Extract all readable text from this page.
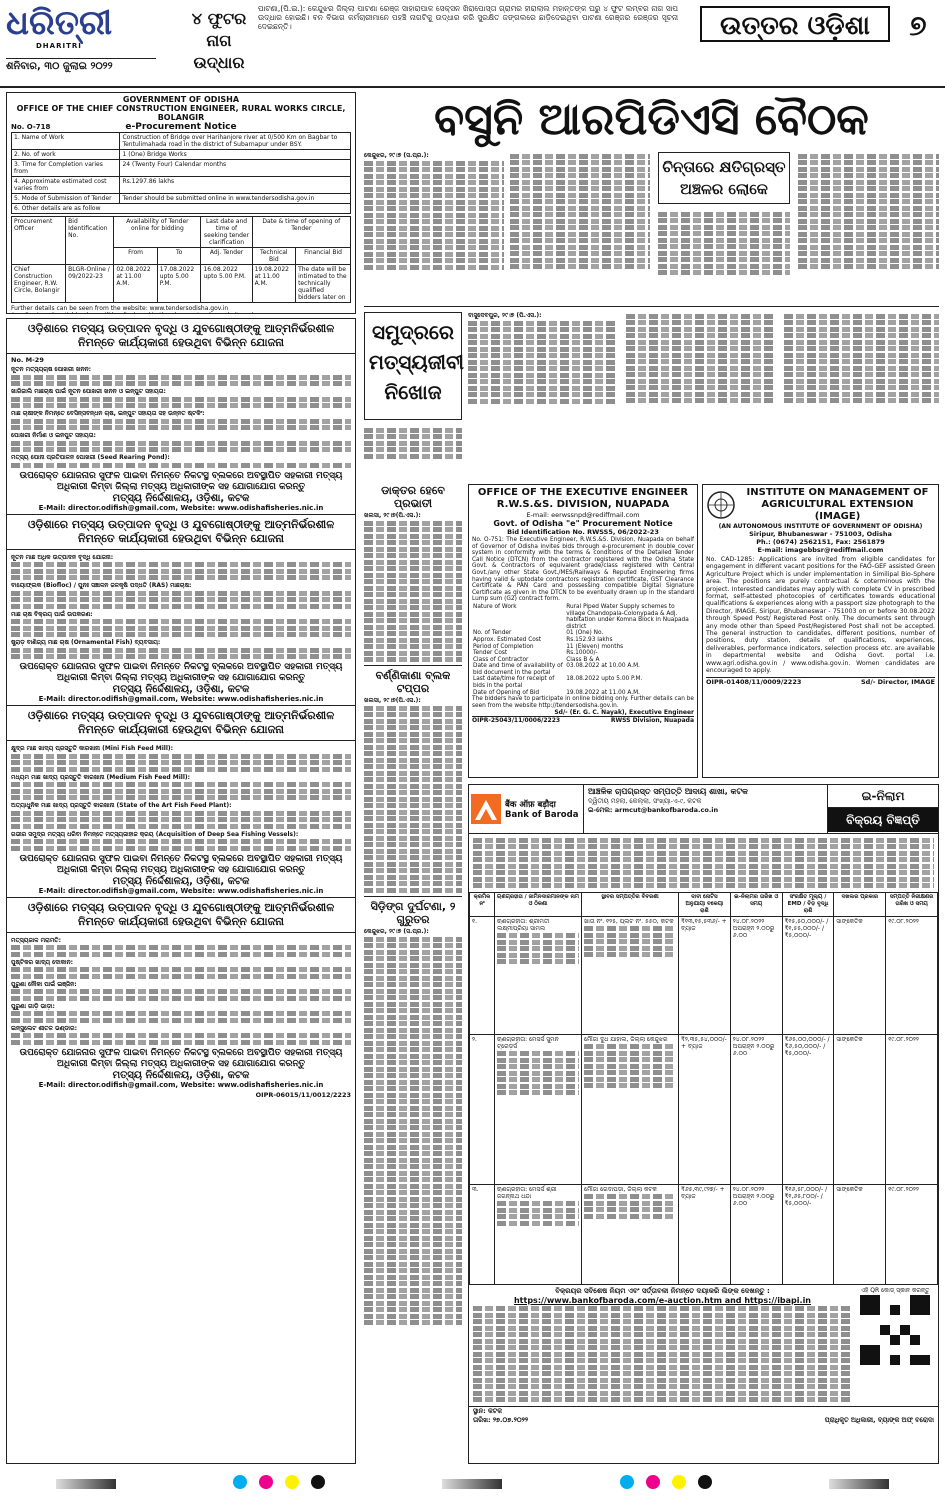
ଧରିତ୍ରୀ
DHARITRI
ଶନିବାର, ୩୦ ଜୁଲାଇ ୨୦୨୨
୪ ଫୁଟର ନାଗ ଉଦ୍ଧାର
ପାଟଣା,(ପି.ଇ.): କେନ୍ଦୁଝର ଜିଲ୍ଲା ପାଟଣା ରେଞ୍ଜ ସାହାରାପାଳ ସେକ୍ସନ ଖିରାପୋସ୍ତା ଗ୍ରାମର ହୀରାଲାଲ ମହାନ୍ତଙ୍କ ଘରୁ ୪ ଫୁଟ ଲମ୍ବର ନାଗ ସାପ ଉଦ୍ଧାର ହୋଇଛି। ବନ ବିଭାଗ କର୍ମଚାରୀମାନେ ପହଞ୍ଚି ନାଗଟିକୁ ଉଦ୍ଧାର କରି ସୁରକ୍ଷିତ ଜଙ୍ଗଲରେ ଛାଡ଼ିଦେଇଥିବା ପାଟଣା ରେଞ୍ଜର ରେଞ୍ଜର ସୂଚନା ଦେଇଛନ୍ତି।	ଉତ୍ତର ଓଡ଼ିଶା	୭
GOVERNMENT OF ODISHA
OFFICE OF THE CHIEF CONSTRUCTION ENGINEER, RURAL WORKS CIRCLE, BOLANGIR
No. O-718	e-Procurement Notice
1. Name of Work	Construction of Bridge over Harihanjore river at 0/500 Km on Bagbar to Tentulimahada road in the district of Subarnapur under BSY.
2. No. of work	1 (One) Bridge Works
3. Time for Completion varies from	24 (Twenty Four) Calendar months
4. Approximate estimated cost varies from	Rs.1297.86 lakhs
5. Mode of Submission of Tender	Tender should be submitted online in www.tendersodisha.gov.in
6. Other details are as follow	
Procurement Officer	Bid Identification No.	Availability of Tender online for bidding		Last date and time of seeking tender clarification	Date & time of opening of Tender	
		From	To	Adj. Tender	Technical Bid	Financial Bid
Chief Construction Engineer, R.W. Circle, Bolangir	BLGR-Online / 09/2022-23	02.08.2022 at 11.00 A.M.	17.08.2022 upto 5.00 P.M.	16.08.2022 upto 5.00 P.M.	19.08.2022 at 11.00 A.M.	The date will be intimated to the technically qualified bidders later on
Further details can be seen from the website: www.tendersodisha.gov.in
ବସୁନି ଆରପିଡିଏସି ବୈଠକ
କେନ୍ଦୁଝର, ୨୯।୭ (ସ.ପ୍ର.):
ଚିନ୍ତାରେ କ୍ଷତିଗ୍ରସ୍ତ ଅଞ୍ଚଳର ଲୋକେ
ସମୁଦ୍ରରେ ମତ୍ସ୍ୟଜୀବୀ ନିଖୋଜ
ବାସୁଦେବପୁର, ୨୯।୭ (ପି.ଏସ.):
ଓଡ଼ିଶାରେ ମତ୍ସ୍ୟ ଉତ୍ପାଦନ ବୃଦ୍ଧି ଓ ଯୁବଗୋଷ୍ଠୀଙ୍କୁ ଆତ୍ମନିର୍ଭରଶୀଳ ନିମନ୍ତେ କାର୍ଯ୍ୟକାରୀ ହେଉଥିବା ବିଭିନ୍ନ ଯୋଜନା
No. M-29
ନୂତନ ମତ୍ସ୍ୟଚାଷ ପୋଖରୀ ଖନନ:
ଖାରିଜାଲି ମାଛଚାଷ ପାଇଁ ନୂତନ ପୋଖରୀ ଖନନ ଓ ଇନ୍‌ପୁଟ ସହାୟତା:
ମାଛ ଚାଷୀଙ୍କ ନିମନ୍ତେ ବେସିନ୍ସବନ୍ଧନ ଚାଷ, ଇନ୍‌ପୁଟ ସହାୟତା ସହ ଉନ୍ନତ ଷ୍ଟକିଂ:
ପୋଖରୀ ନିର୍ମାଣ ଓ ଇନପୁଟ ସହାୟତା:
ମତ୍ସ୍ୟ ପୋନା ପ୍ରତିପାଳନ ପୋଖରୀ (Seed Rearing Pond):
ଉପରୋକ୍ତ ଯୋଜନାର ସୁଫଳ ପାଇବା ନିମନ୍ତେ ନିକଟସ୍ଥ ବ୍ଲକରେ ଅବସ୍ଥାପିତ ସହକାରୀ ମତ୍ସ୍ୟ ଅଧିକାରୀ କିମ୍ବା ଜିଲ୍ଲା ମତ୍ସ୍ୟ ଅଧିକାରୀଙ୍କ ସହ ଯୋଗାଯୋଗ କରନ୍ତୁ
ମତ୍ସ୍ୟ ନିର୍ଦ୍ଦେଶାଳୟ, ଓଡ଼ିଶା, କଟକ
E-Mail: director.odifish@gmail.com, Website: www.odishafisheries.nic.in
ଓଡ଼ିଶାରେ ମତ୍ସ୍ୟ ଉତ୍ପାଦନ ବୃଦ୍ଧି ଓ ଯୁବଗୋଷ୍ଠୀଙ୍କୁ ଆତ୍ମନିର୍ଭରଶୀଳ ନିମନ୍ତେ କାର୍ଯ୍ୟକାରୀ ହେଉଥିବା ବିଭିନ୍ନ ଯୋଜନା
ନୂତନ ମାଛ ଅଧିକ ଉତ୍ପାଦନ ବୃଦ୍ଧି ଯୋଜନା:
ବାୟୋଫ୍ଲକ (Biofloc) / ପୁନଃ ସଞ୍ଚାଳନ ଜଳକୃଷି ପଦ୍ଧତି (RAS) ମାଛଚାଷ:
ମାଛ ଚାଷ ବିକ୍ରୟ ପାଇଁ ଉପକରଣ:
ଷ୍ଟ୍ରାଡ଼ ବାଣିଜ୍ୟ ମାଛ ଚାଷ (Ornamental Fish) ବ୍ୟବସାୟ:
ଉପରୋକ୍ତ ଯୋଜନାର ସୁଫଳ ପାଇବା ନିମନ୍ତେ ନିକଟସ୍ଥ ବ୍ଲକରେ ଅବସ୍ଥାପିତ ସହକାରୀ ମତ୍ସ୍ୟ ଅଧିକାରୀ କିମ୍ବା ଜିଲ୍ଲା ମତ୍ସ୍ୟ ଅଧିକାରୀଙ୍କ ସହ ଯୋଗାଯୋଗ କରନ୍ତୁ
ମତ୍ସ୍ୟ ନିର୍ଦ୍ଦେଶାଳୟ, ଓଡ଼ିଶା, କଟକ
E-Mail: director.odifish@gmail.com, Website: www.odishafisheries.nic.in
ଓଡ଼ିଶାରେ ମତ୍ସ୍ୟ ଉତ୍ପାଦନ ବୃଦ୍ଧି ଓ ଯୁବଗୋଷ୍ଠୀଙ୍କୁ ଆତ୍ମନିର୍ଭରଶୀଳ ନିମନ୍ତେ କାର୍ଯ୍ୟକାରୀ ହେଉଥିବା ବିଭିନ୍ନ ଯୋଜନା
କ୍ଷୁଦ୍ର ମାଛ ଖାଦ୍ୟ ପ୍ରସ୍ତୁତି କାରଖାନା (Mini Fish Feed Mill):
ମଧ୍ୟମ ମାଛ ଖାଦ୍ୟ ପ୍ରସ୍ତୁତି କାରଖାନା (Medium Fish Feed Mill):
ଅତ୍ୟାଧୁନିକ ମାଛ ଖାଦ୍ୟ ପ୍ରସ୍ତୁତି କାରଖାନା (State of the Art Fish Feed Plant):
ଗଭୀର ସମୁଦ୍ର ମତ୍ସ୍ୟ ଧରିବା ନିମନ୍ତେ ମତ୍ସ୍ୟଜାହାଜ କ୍ରୟ (Acquisition of Deep Sea Fishing Vessels):
ଉପରୋକ୍ତ ଯୋଜନାର ସୁଫଳ ପାଇବା ନିମନ୍ତେ ନିକଟସ୍ଥ ବ୍ଲକରେ ଅବସ୍ଥାପିତ ସହକାରୀ ମତ୍ସ୍ୟ ଅଧିକାରୀ କିମ୍ବା ଜିଲ୍ଲା ମତ୍ସ୍ୟ ଅଧିକାରୀଙ୍କ ସହ ଯୋଗାଯୋଗ କରନ୍ତୁ
ମତ୍ସ୍ୟ ନିର୍ଦ୍ଦେଶାଳୟ, ଓଡ଼ିଶା, କଟକ
E-Mail: director.odifish@gmail.com, Website: www.odishafisheries.nic.in
ଓଡ଼ିଶାରେ ମତ୍ସ୍ୟ ଉତ୍ପାଦନ ବୃଦ୍ଧି ଓ ଯୁବଗୋଷ୍ଠୀଙ୍କୁ ଆତ୍ମନିର୍ଭରଶୀଳ ନିମନ୍ତେ କାର୍ଯ୍ୟକାରୀ ହେଉଥିବା ବିଭିନ୍ନ ଯୋଜନା
ମତ୍ସ୍ୟଜାଳ ମରାମତି:
ପୁଷ୍ଟିକର ଖାଦ୍ୟ ଦୋକାନ:
ପୁରୁଣା ନୌକା ପାଇଁ ଇଞ୍ଜିନ:
ପୁରୁଣା ଗାଡ଼ି ଭାଡ଼ା:
ଇନ୍ସୁଲେଟ ଶୀତଳ ଭଣ୍ଡାର:
ଉପରୋକ୍ତ ଯୋଜନାର ସୁଫଳ ପାଇବା ନିମନ୍ତେ ନିକଟସ୍ଥ ବ୍ଲକରେ ଅବସ୍ଥାପିତ ସହକାରୀ ମତ୍ସ୍ୟ ଅଧିକାରୀ କିମ୍ବା ଜିଲ୍ଲା ମତ୍ସ୍ୟ ଅଧିକାରୀଙ୍କ ସହ ଯୋଗାଯୋଗ କରନ୍ତୁ
ମତ୍ସ୍ୟ ନିର୍ଦ୍ଦେଶାଳୟ, ଓଡ଼ିଶା, କଟକ
E-Mail: director.odifish@gmail.com, Website: www.odishafisheries.nic.in
OIPR-06015/11/0012/2223
ଡାକ୍ତର ହେବେ ପ୍ରଭାତୀ
ଖଲସା, ୨୯।୭(ପି.ଏସ.):
ବର୍ଣ୍ଣିକାଣା ବ୍ଲକ ଟପ୍ପର
ଖଲସା, ୨୯।୭(ପି.ଏସ.):
ସିଡ଼ିଙ୍ଗ ଦୁର୍ଘଟଣା, ୨ ଗୁରୁତର
କେନ୍ଦୁଝର, ୨୯।୭ (ସ.ପ୍ର.):
OFFICE OF THE EXECUTIVE ENGINEER R.W.S.&S. DIVISION, NUAPADA
E-mail: eerwssnpd@rediffmail.com
Govt. of Odisha "e" Procurement Notice
Bid Identification No. RWSS5, 06/2022-23
No. O-751: The Executive Engineer, R.W.S.&S. Division, Nuapada on behalf of Governor of Odisha invites bids through e-procurement in double cover system in conformity with the terms & conditions of the Detailed Tender Call Notice (DTCN) from the contractor registered with the Odisha State Govt. & Contractors of equivalent grade/class registered with Central Govt./any other State Govt./MES/Railways & Reputed Engineering firms having valid & uptodate contractors registration certificate, GST Clearance Certificate & PAN Card and possessing compatible Digital Signature Certificate as given in the DTCN to be eventually drawn up in the standard Lump sum (G2) contract form.
Nature of Work	Rural Piped Water Supply schemes to village Chandopala-Colonypada & Adj. habitation under Komna Block in Nuapada district
No. of Tender	01 (One) No.
Approx. Estimated Cost	Rs.152.93 lakhs
Period of Completion	11 (Eleven) months
Tender Cost	Rs.10000/-
Class of Contractor	Class B & A
Date and time of availability of bid document in the portal	03.08.2022 at 10.00 A.M.
Last date/time for receipt of bids in the portal	18.08.2022 upto 5.00 P.M.
Date of Opening of Bid	19.08.2022 at 11.00 A.M.
The bidders have to participate in online bidding only. Further details can be seen from the website http://tendersodisha.gov.in.
Sd/- (Er. G. C. Nayak), Executive Engineer
OIPR-25043/11/0006/2223	RWSS Division, Nuapada
INSTITUTE ON MANAGEMENT OF AGRICULTURAL EXTENSION (IMAGE)
(AN AUTONOMOUS INSTITUTE OF GOVERNMENT OF ODISHA)
Siripur, Bhubaneswar - 751003, Odisha
Ph.: (0674) 2562151, Fax: 2561879
E-mail: imagebbsr@rediffmail.com
No. CAD-1285: Applications are invited from eligible candidates for engagement in different vacant positions for the FAO-GEF assisted Green Agriculture Project which is under implementation in Similipal Bio-Sphere area. The positions are purely contractual & coterminous with the project. Interested candidates may apply with complete CV in prescribed format, self-attested photocopies of certificates towards educational qualifications & experiences along with a passport size photograph to the Director, IMAGE, Siripur, Bhubaneswar - 751003 on or before 30.08.2022 through Speed Post/ Registered Post only. The documents sent through any mode other than Speed Post/Registered Post shall not be accepted. The general instruction to candidates, different positions, number of positions, duty station, details of qualifications, experiences, deliverables, performance indicators, selection process etc. are available in departmental website and Odisha Govt. portal i.e. www.agri.odisha.gov.in / www.odisha.gov.in. Women candidates are encouraged to apply.
OIPR-01408/11/0009/2223	Sd/- Director, IMAGE
बैंक ऑफ़ बड़ौदा
Bank of Baroda
ଆଞ୍ଚଳିକ ଚାପଗ୍ରସ୍ତ ସମ୍ପତ୍ତି ଆଦାୟ ଶାଖା, କଟକ
ଦ୍ୱିତୀୟ ମହଲା, କେଲ୍ଲା, ସଂଖ୍ୟା-ଏ-୯, କଟକ
ଇ-ମେଲ: armcut@bankofbaroda.co.in
ଇ-ନିଲାମ
ବିକ୍ରୟ ବିଜ୍ଞପ୍ତି
କ୍ରମିକ ନଂ	ଋଣଗ୍ରହୀତା / ଜାମିନଦାରମାନଙ୍କ ନାମ ଓ ଠିକଣା	ସ୍ଥାବର ସମ୍ପତ୍ତିର ବିବରଣୀ	ଦାବୀ ନୋଟିସ ଅନୁଯାୟୀ ବକେୟା ରାଶି	ଇ-ନିଲାମର ତାରିଖ ଓ ସମୟ	ସଂରକ୍ଷିତ ମୂଲ୍ୟ / EMD / ବିଡ଼ ବୃଦ୍ଧି ରାଶି	ଦଖଲର ପ୍ରକାର	ସମ୍ପତ୍ତି ନିରୀକ୍ଷଣର ତାରିଖ ଓ ସମୟ
୧.	ଋଣଗ୍ରହୀତା: ଶ୍ରୀମତୀ ଲକ୍ଷ୍ମୀପ୍ରିୟା ସାମଲ	ଖାତା ନଂ. ୧୨୫, ପ୍ଲଟ ନଂ. ୫୫୦, କଟକ	₹୧୩,୧୫,୫୩୬/- + ବ୍ୟାଜ	୨୪.୦୮.୨୦୨୨ ଅପରାହ୍ନ ୨.୦୦ରୁ ୬.୦୦	₹୧୫,୫୦,୦୦୦/- / ₹୧,୫୫,୦୦୦/- / ₹୫,୦୦୦/-	ସାଙ୍କେତିକ	୧୯.୦୮.୨୦୨୨
୨.	ଋଣଗ୍ରହୀତା: ମେସର୍ସ ସୁମନ ଟ୍ରେଡ଼ର୍ସ	ମୌଜା ଦୁଧ ଯାହାଲ, ଜିଲ୍ଲା କେନ୍ଦୁଝର	₹୨,୩୫,୫୪,୦୦୦/- + ବ୍ୟାଜ	୨୪.୦୮.୨୦୨୨ ଅପରାହ୍ନ ୨.୦୦ରୁ ୬.୦୦	₹୬୫,୦୦,୦୦୦/- / ₹୬,୫୦,୦୦୦/- / ₹୫,୦୦୦/-	ସାଙ୍କେତିକ	୧୯.୦୮.୨୦୨୨
୩.	ଋଣଗ୍ରହୀତା: ମେସର୍ସ ଶ୍ରୀ ଜଗନ୍ନାଥ ଧନ୍ଦା	ମୌଜା ଗେଦାପଡ଼ା, ଜିଲ୍ଲା କଟକ	₹୬୫,୩୯,୯୨୭/- + ବ୍ୟାଜ	୨୪.୦୮.୨୦୨୨ ଅପରାହ୍ନ ୨.୦୦ରୁ ୬.୦୦	₹୧୬,୫୮,୦୦୦/- / ₹୧,୬୫,୮୦୦/- / ₹୫,୦୦୦/-	ସାଙ୍କେତିକ	୧୯.୦୮.୨୦୨୨
ବିକ୍ରୟର ସବିଶେଷ ନିୟମ ଏବଂ ସର୍ତ୍ତାବଳୀ ନିମନ୍ତେ ଦୟାକରି ଲିଙ୍କ ଦେଖନ୍ତୁ :
https://www.bankofbaroda.com/e-auction.htm and https://ibapi.in
ଏହି QR କୋଡ୍ ସ୍କାନ କରନ୍ତୁ
ସ୍ଥାନ: କଟକ
ତାରିଖ: ୨୭.୦୭.୨୦୨୨	ପ୍ରାଧିକୃତ ଅଧିକାରୀ, ବ୍ୟାଙ୍କ ଅଫ୍ ବରୋଦା
